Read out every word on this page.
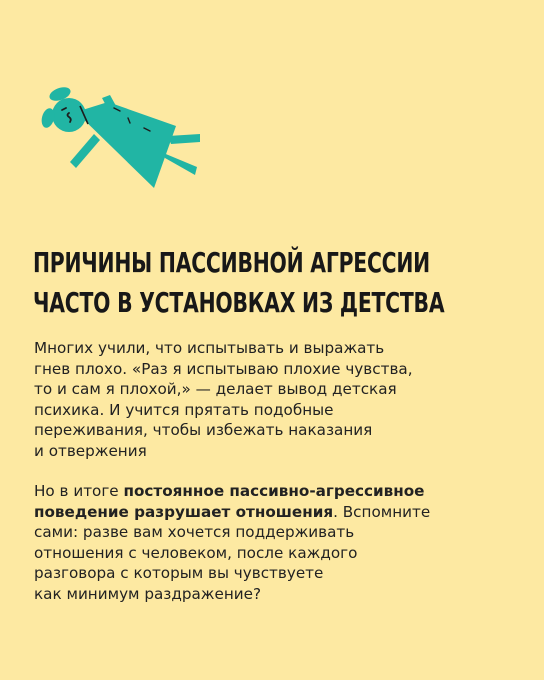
ПРИЧИНЫ ПАССИВНОЙ АГРЕССИИ
ЧАСТО В УСТАНОВКАХ ИЗ ДЕТСТВА

Многих учили, что испытывать и выражать
гнев плохо. «Раз я испытываю плохие чувства,
то и сам я плохой,» — делает вывод детская
психика. И учится прятать подобные
переживания, чтобы избежать наказания
и отвержения

Но в итоге постоянное пассивно-агрессивное
поведение разрушает отношения. Вспомните
сами: разве вам хочется поддерживать
отношения с человеком, после каждого
разговора с которым вы чувствуете
как минимум раздражение?
